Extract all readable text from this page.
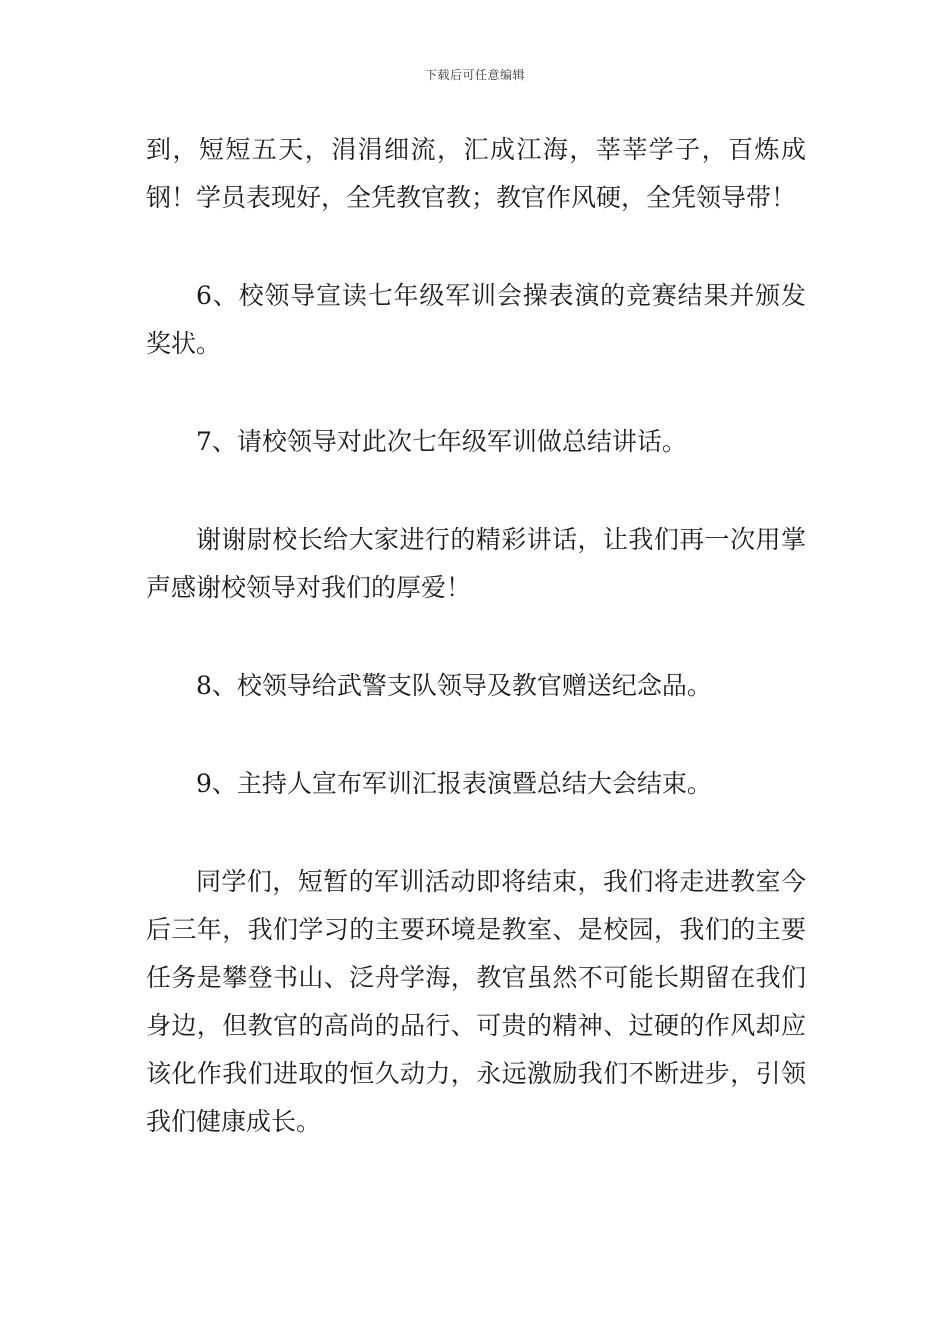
下载后可任意编辑

到，短短五天，涓涓细流，汇成江海，莘莘学子，百炼成钢！学员表现好，全凭教官教；教官作风硬，全凭领导带！

6、校领导宣读七年级军训会操表演的竞赛结果并颁发奖状。

7、请校领导对此次七年级军训做总结讲话。

谢谢尉校长给大家进行的精彩讲话，让我们再一次用掌声感谢校领导对我们的厚爱！

8、校领导给武警支队领导及教官赠送纪念品。

9、主持人宣布军训汇报表演暨总结大会结束。

同学们，短暂的军训活动即将结束，我们将走进教室今后三年，我们学习的主要环境是教室、是校园，我们的主要任务是攀登书山、泛舟学海，教官虽然不可能长期留在我们身边，但教官的高尚的品行、可贵的精神、过硬的作风却应该化作我们进取的恒久动力，永远激励我们不断进步，引领我们健康成长。
